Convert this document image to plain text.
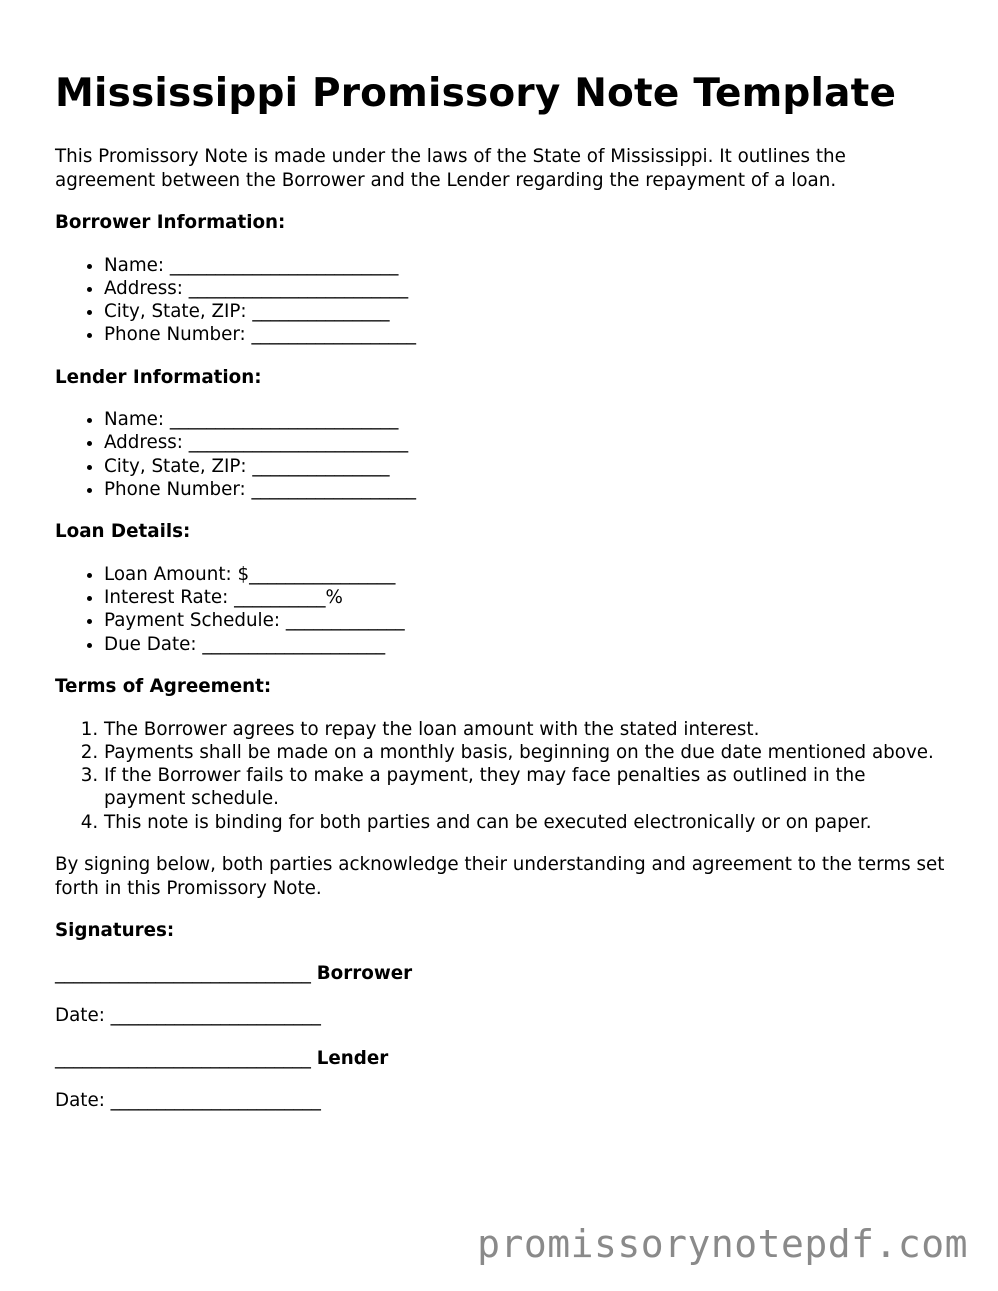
Mississippi Promissory Note Template

This Promissory Note is made under the laws of the State of Mississippi. It outlines the agreement between the Borrower and the Lender regarding the repayment of a loan.

Borrower Information:

• Name: _________________________
• Address: ________________________
• City, State, ZIP: _______________
• Phone Number: __________________

Lender Information:

• Name: _________________________
• Address: ________________________
• City, State, ZIP: _______________
• Phone Number: __________________

Loan Details:

• Loan Amount: $________________
• Interest Rate: __________%
• Payment Schedule: _____________
• Due Date: ____________________

Terms of Agreement:

1. The Borrower agrees to repay the loan amount with the stated interest.
2. Payments shall be made on a monthly basis, beginning on the due date mentioned above.
3. If the Borrower fails to make a payment, they may face penalties as outlined in the payment schedule.
4. This note is binding for both parties and can be executed electronically or on paper.

By signing below, both parties acknowledge their understanding and agreement to the terms set forth in this Promissory Note.

Signatures:

____________________________ Borrower

Date: _______________________

____________________________ Lender

Date: _______________________

promissorynotepdf.com
